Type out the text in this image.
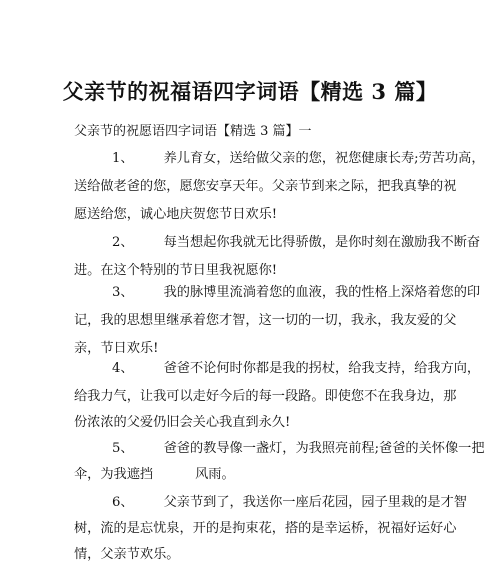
父亲节的祝福语四字词语【精选 3 篇】
父亲节的祝愿语四字词语【精选 3 篇】一
1、 养儿育女，送给做父亲的您，祝您健康长寿;劳苦功高，
送给做老爸的您，愿您安享天年。父亲节到来之际，把我真挚的祝
愿送给您，诚心地庆贺您节日欢乐!
2、 每当想起你我就无比得骄傲，是你时刻在激励我不断奋
进。在这个特别的节日里我祝愿你!
3、 我的脉博里流淌着您的血液，我的性格上深烙着您的印
记，我的思想里继承着您才智，这一切的一切，我永，我友爱的父
亲，节日欢乐!
4、 爸爸不论何时你都是我的拐杖，给我支持，给我方向，
给我力气，让我可以走好今后的每一段路。即使您不在我身边，那
份浓浓的父爱仍旧会关心我直到永久!
5、 爸爸的教导像一盏灯，为我照亮前程;爸爸的关怀像一把
伞，为我遮挡	风雨。
6、 父亲节到了，我送你一座后花园，园子里栽的是才智
树，流的是忘忧泉，开的是拘束花，搭的是幸运桥，祝福好运好心
情，父亲节欢乐。
